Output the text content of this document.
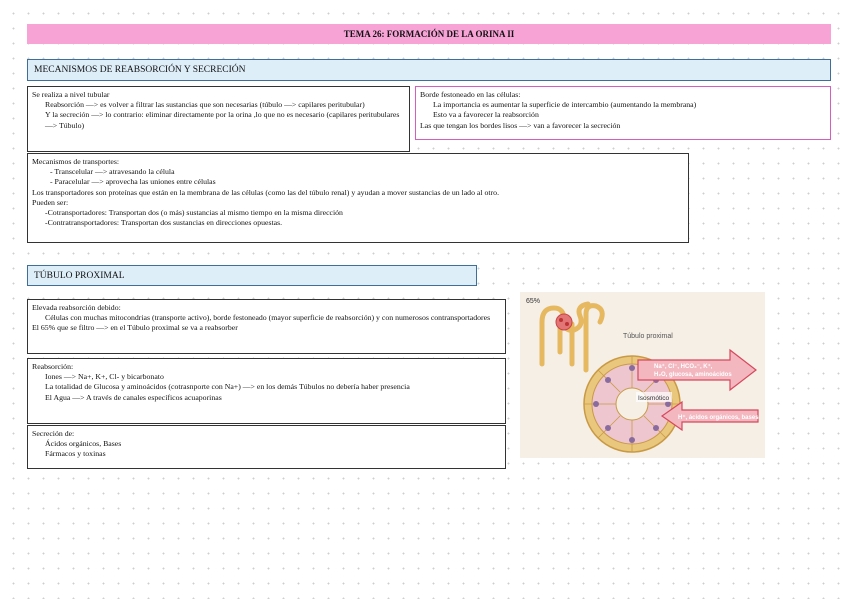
TEMA 26: FORMACIÓN DE LA ORINA II
MECANISMOS DE REABSORCIÓN Y SECRECIÓN
Se realiza a nivel tubular
Reabsorción —> es volver a filtrar las sustancias que son necesarias (túbulo —> capilares peritubular)
Y la secreción —> lo contrario: eliminar directamente por la orina ,lo que no es necesario (capilares peritubulares —> Túbulo)
Borde festoneado en las células:
La importancia es aumentar la superficie de intercambio (aumentando la membrana)
Esto va a favorecer la reabsorción
Las que tengan los bordes lisos —> van a favorecer la secreción
Mecanismos de transportes:
- Transcelular —> atravesando la célula
- Paracelular —> aprovecha las uniones entre células
Los transportadores son proteínas que están en la membrana de las células (como las del túbulo renal) y ayudan a mover sustancias de un lado al otro.
Pueden ser:
-Cotransportadores: Transportan dos (o más) sustancias al mismo tiempo en la misma dirección
-Contratransportadores: Transportan dos sustancias en direcciones opuestas.
TÚBULO PROXIMAL
Elevada reabsorción debido:
Células con muchas mitocondrias (transporte activo), borde festoneado (mayor superficie de reabsorción) y con numerosos contransportadores
El 65% que se filtro —> en el Túbulo proximal se va a reabsorber
Reabsorción:
Iones —> Na+, K+, Cl- y bicarbonato
La totalidad de Glucosa y aminoácidos (cotrasnporte con Na+) —> en los demás Túbulos no debería haber presencia
El Agua —> A través de canales específicos acuaporinas
Secreción de:
Ácidos orgánicos, Bases
Fármacos y toxinas
65%
Túbulo proximal
Na⁺, Cl⁻, HCO₃⁻, K⁺,
H₂O, glucosa, aminoácidos
Isosmótico
H⁺, ácidos orgánicos, bases
